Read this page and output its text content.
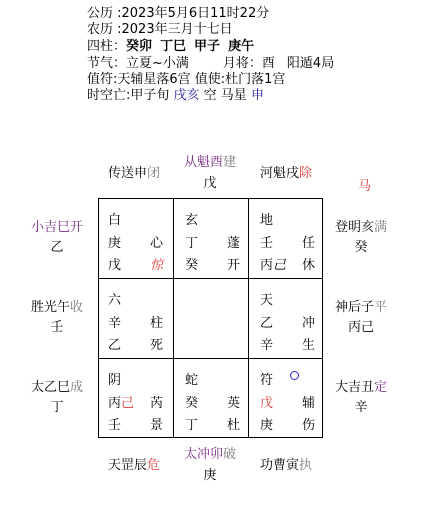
公历 :2023年5月6日11时22分
农历 :2023年三月十七日
四柱：癸卯 丁巳 甲子 庚午
节气：立夏~小满	月将：酉 阳遁4局
值符:天辅星落6宫 值使:杜门落1宫
时空亡:甲子旬 戌亥 空 马星 申
传送申闭
从魁酉建
戊
河魁戌除
马
小吉巳开
乙
胜光午收
壬
太乙巳成
丁
登明亥满
癸
神后子平
丙己
大吉丑定
辛
天罡辰危
太冲卯破
庚
功曹寅执
白
庚 心
戊 惊
玄
丁 蓬
癸 开
地
壬 任
丙己 休
六
辛 柱
乙 死
天
乙 冲
辛 生
阴
丙己 芮
壬 景
蛇
癸 英
丁 杜
符
戊 辅
庚 伤
